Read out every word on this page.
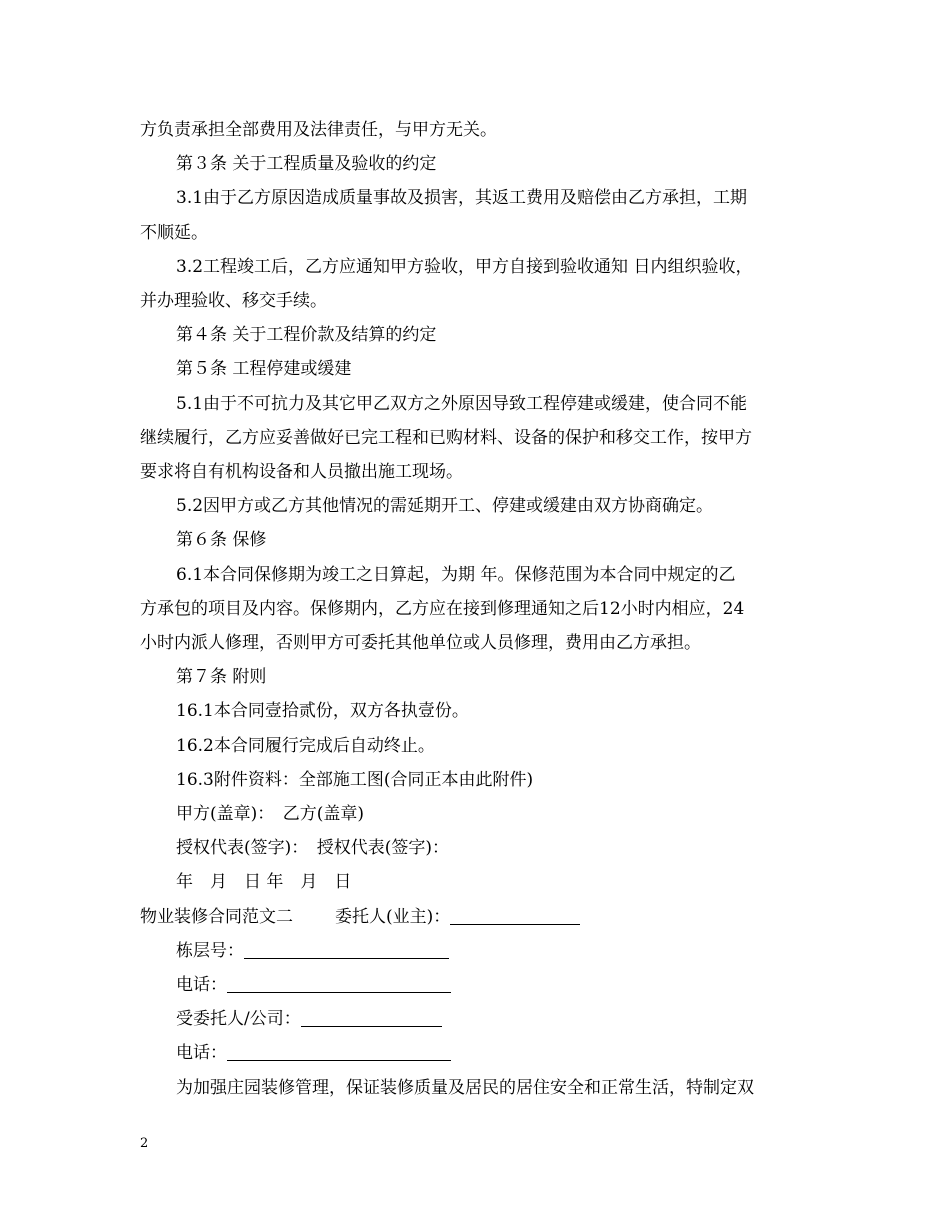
方负责承担全部费用及法律责任，与甲方无关。

第３条 关于工程质量及验收的约定

3.1由于乙方原因造成质量事故及损害，其返工费用及赔偿由乙方承担，工期

不顺延。

3.2工程竣工后，乙方应通知甲方验收，甲方自接到验收通知 日内组织验收，

并办理验收、移交手续。

第４条 关于工程价款及结算的约定

第５条 工程停建或缓建

5.1由于不可抗力及其它甲乙双方之外原因导致工程停建或缓建，使合同不能

继续履行，乙方应妥善做好已完工程和已购材料、设备的保护和移交工作，按甲方

要求将自有机构设备和人员撤出施工现场。

5.2因甲方或乙方其他情况的需延期开工、停建或缓建由双方协商确定。

第６条 保修

6.1本合同保修期为竣工之日算起，为期 年。保修范围为本合同中规定的乙

方承包的项目及内容。保修期内，乙方应在接到修理通知之后12小时内相应，24

小时内派人修理，否则甲方可委托其他单位或人员修理，费用由乙方承担。

第７条 附则

16.1本合同壹拾贰份，双方各执壹份。

16.2本合同履行完成后自动终止。

16.3附件资料：全部施工图(合同正本由此附件)

甲方(盖章)：　乙方(盖章)

授权代表(签字)：　授权代表(签字)：

年　月　日 年　月　日

物业装修合同范文二 委托人(业主)：

栋层号：

电话：

受委托人/公司：

电话：

为加强庄园装修管理，保证装修质量及居民的居住安全和正常生活，特制定双

2
